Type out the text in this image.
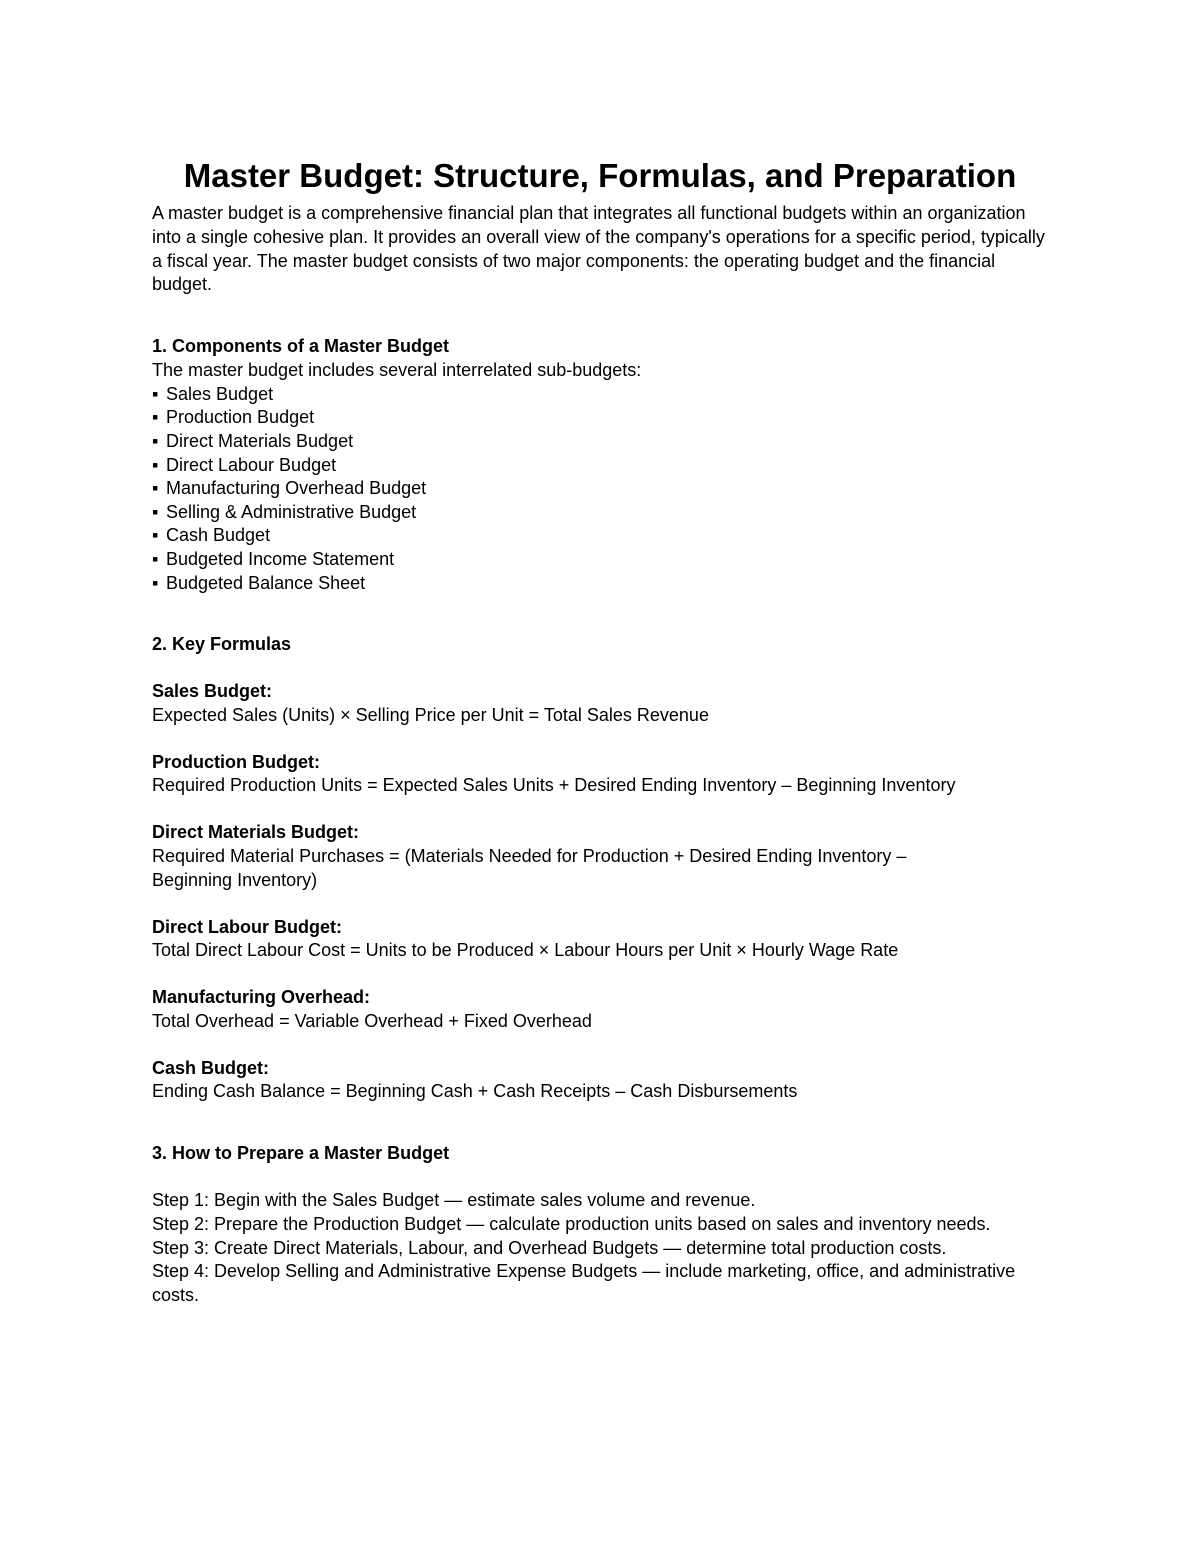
Master Budget: Structure, Formulas, and Preparation

A master budget is a comprehensive financial plan that integrates all functional budgets within an organization into a single cohesive plan. It provides an overall view of the company's operations for a specific period, typically a fiscal year. The master budget consists of two major components: the operating budget and the financial budget.

1. Components of a Master Budget
The master budget includes several interrelated sub-budgets:
▪ Sales Budget
▪ Production Budget
▪ Direct Materials Budget
▪ Direct Labour Budget
▪ Manufacturing Overhead Budget
▪ Selling & Administrative Budget
▪ Cash Budget
▪ Budgeted Income Statement
▪ Budgeted Balance Sheet
2. Key Formulas
Sales Budget:
Expected Sales (Units) × Selling Price per Unit = Total Sales Revenue
Production Budget:
Required Production Units = Expected Sales Units + Desired Ending Inventory – Beginning Inventory
Direct Materials Budget:
Required Material Purchases = (Materials Needed for Production + Desired Ending Inventory – Beginning Inventory)
Direct Labour Budget:
Total Direct Labour Cost = Units to be Produced × Labour Hours per Unit × Hourly Wage Rate
Manufacturing Overhead:
Total Overhead = Variable Overhead + Fixed Overhead
Cash Budget:
Ending Cash Balance = Beginning Cash + Cash Receipts – Cash Disbursements
3. How to Prepare a Master Budget
Step 1: Begin with the Sales Budget — estimate sales volume and revenue.
Step 2: Prepare the Production Budget — calculate production units based on sales and inventory needs.
Step 3: Create Direct Materials, Labour, and Overhead Budgets — determine total production costs.
Step 4: Develop Selling and Administrative Expense Budgets — include marketing, office, and administrative costs.
